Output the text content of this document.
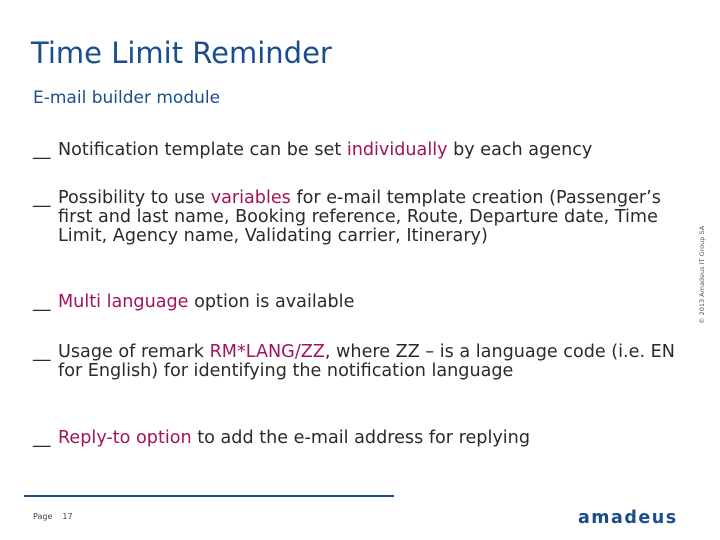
Time Limit Reminder
E-mail builder module
__ Notification template can be set individually by each agency
__ Possibility to use variables for e-mail template creation (Passenger’s first and last name, Booking reference, Route, Departure date, Time Limit, Agency name, Validating carrier, Itinerary)
__ Multi language option is available
__ Usage of remark RM*LANG/ZZ, where ZZ – is a language code (i.e. EN for English) for identifying the notification language
__ Reply-to option to add the e-mail address for replying
Page 17
© 2013 Amadeus IT Group SA
amadeus
